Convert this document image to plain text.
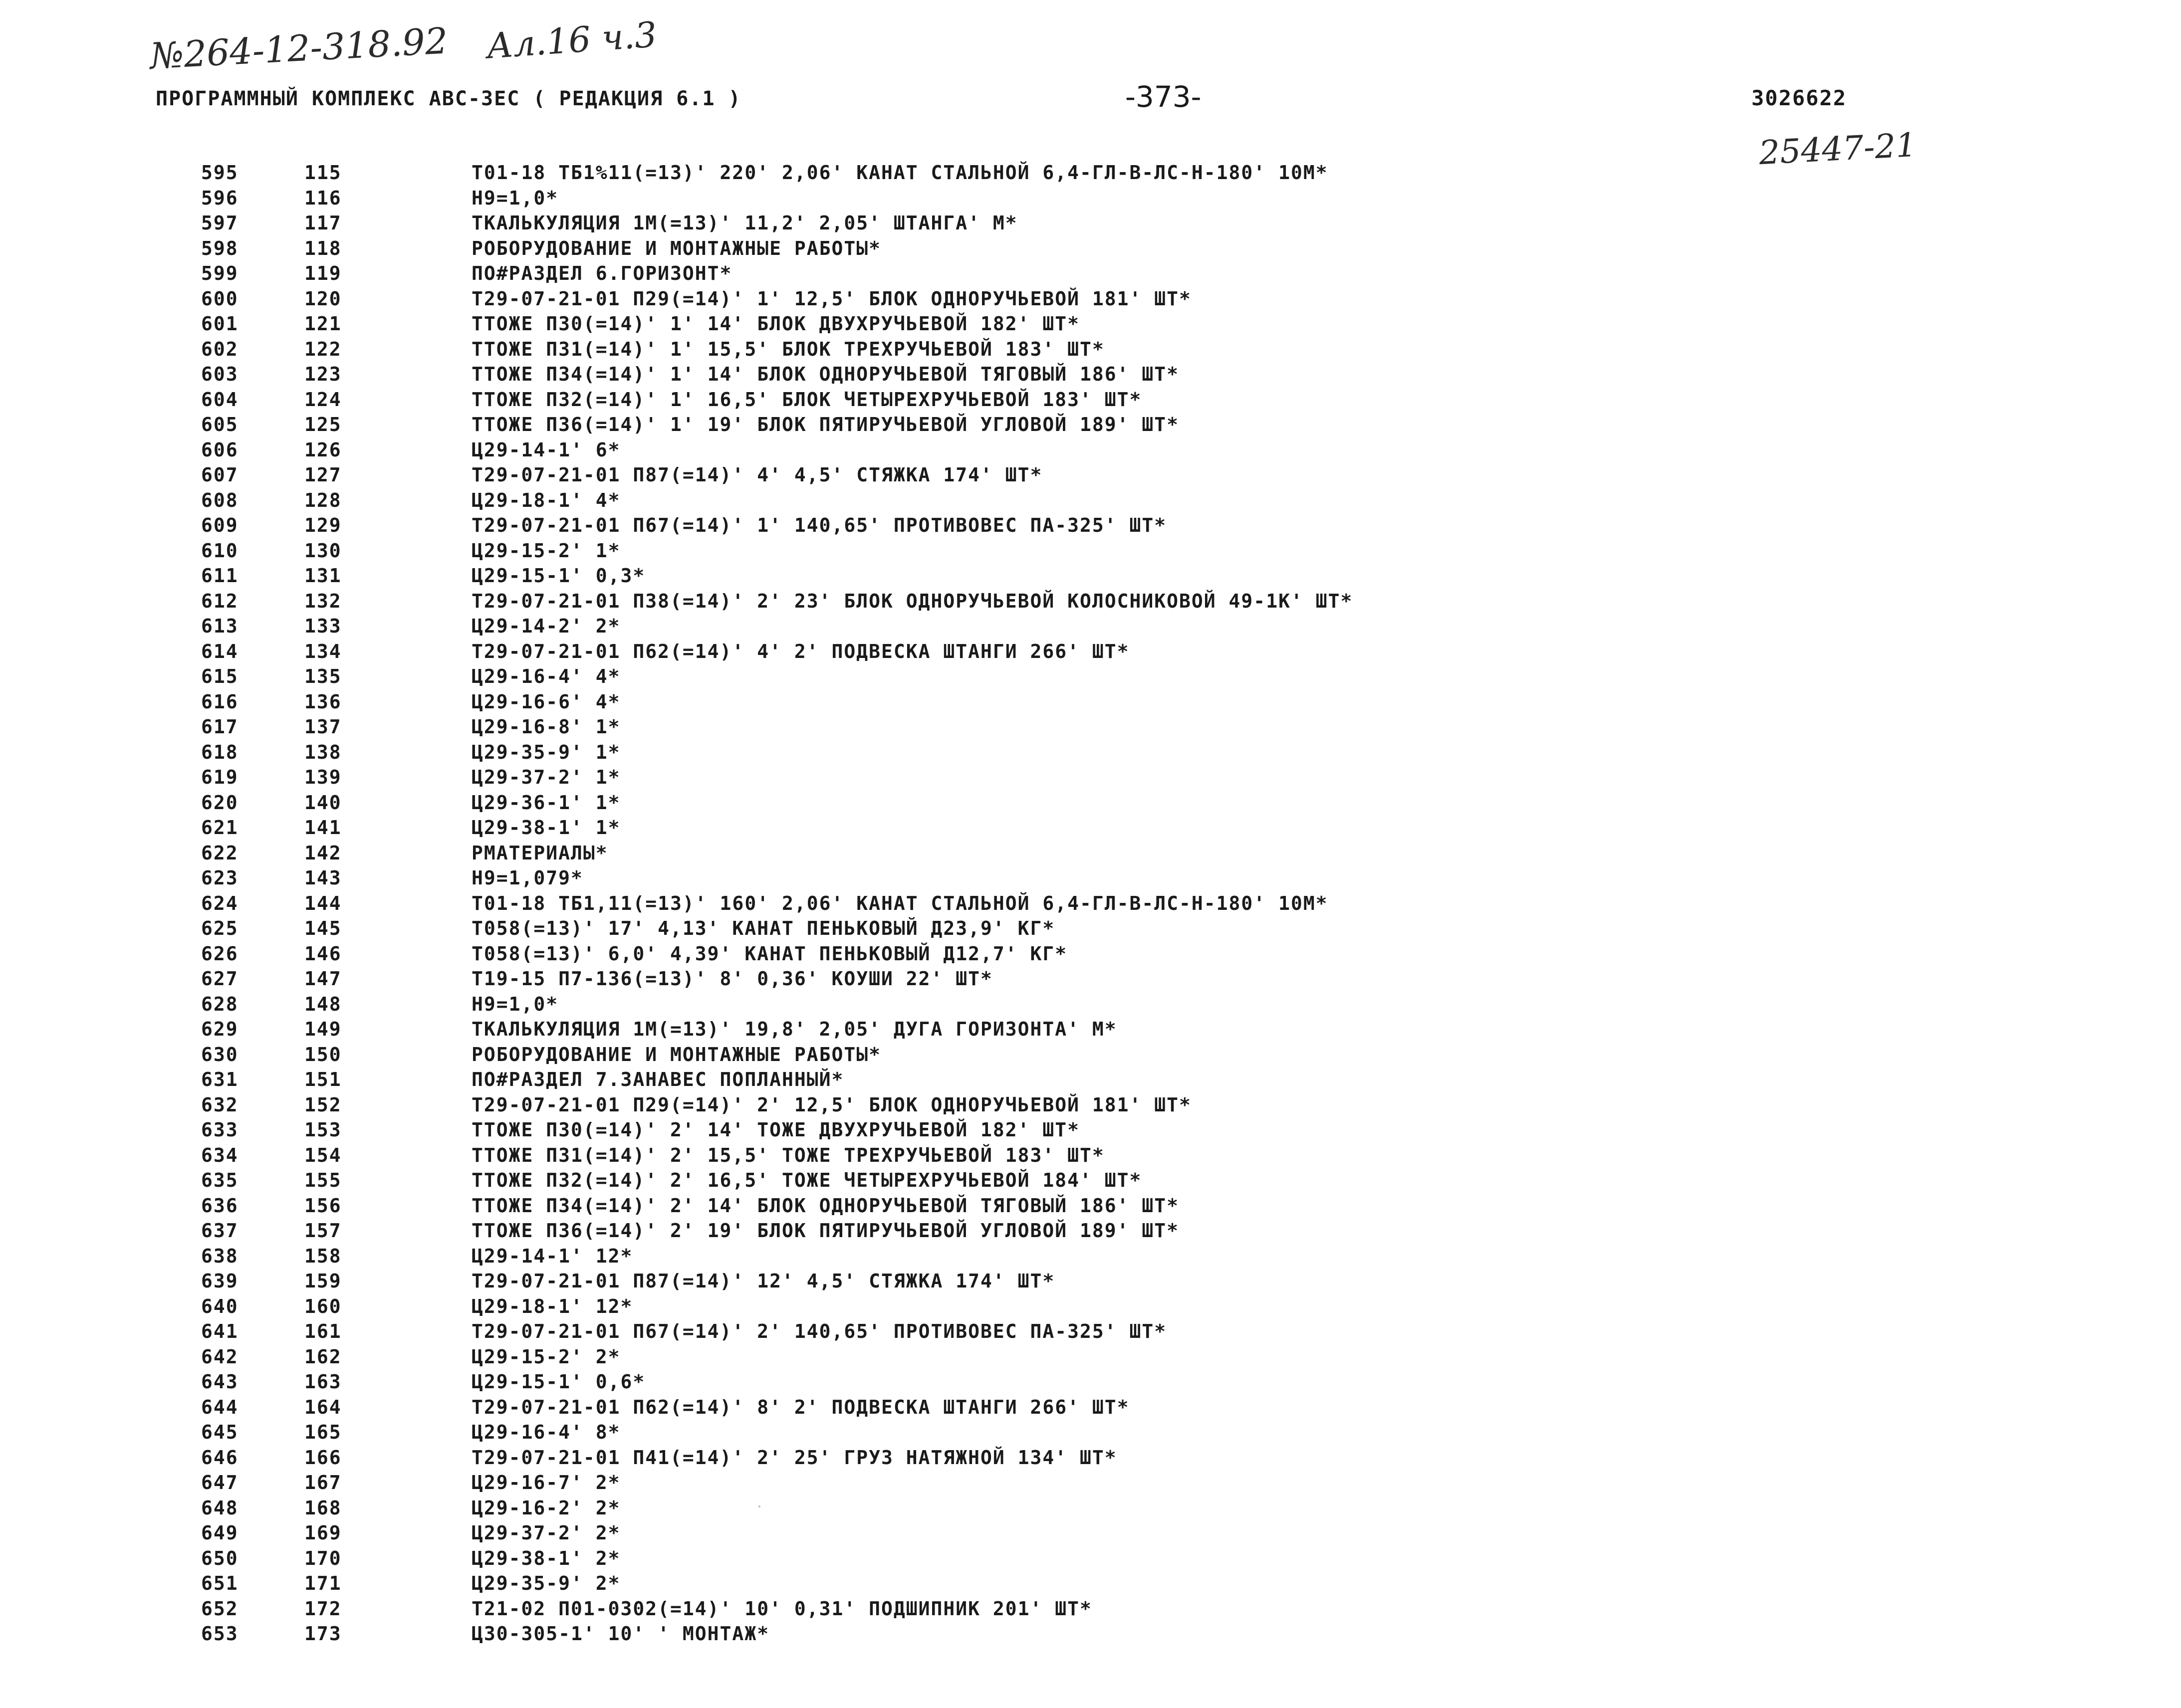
№264-12-318.92 Ал.16 ч.3
25447-21
ПРОГРАММНЫЙ КОМПЛЕКС АВС-3ЕС ( РЕДАКЦИЯ 6.1 )	-373-	3026622
595	115	Т01-18 ТБ1%11(=13)' 220' 2,06' КАНАТ СТАЛЬНОЙ 6,4-ГЛ-В-ЛС-Н-180' 10М*
596	116	Н9=1,0*
597	117	ТКАЛЬКУЛЯЦИЯ 1М(=13)' 11,2' 2,05' ШТАНГА' М*
598	118	РОБОРУДОВАНИЕ И МОНТАЖНЫЕ РАБОТЫ*
599	119	ПО#РАЗДЕЛ 6.ГОРИЗОНТ*
600	120	Т29-07-21-01 П29(=14)' 1' 12,5' БЛОК ОДНОРУЧЬЕВОЙ 181' ШТ*
601	121	ТТОЖЕ П30(=14)' 1' 14' БЛОК ДВУХРУЧЬЕВОЙ 182' ШТ*
602	122	ТТОЖЕ П31(=14)' 1' 15,5' БЛОК ТРЕХРУЧЬЕВОЙ 183' ШТ*
603	123	ТТОЖЕ П34(=14)' 1' 14' БЛОК ОДНОРУЧЬЕВОЙ ТЯГОВЫЙ 186' ШТ*
604	124	ТТОЖЕ П32(=14)' 1' 16,5' БЛОК ЧЕТЫРЕХРУЧЬЕВОЙ 183' ШТ*
605	125	ТТОЖЕ П36(=14)' 1' 19' БЛОК ПЯТИРУЧЬЕВОЙ УГЛОВОЙ 189' ШТ*
606	126	Ц29-14-1' 6*
607	127	Т29-07-21-01 П87(=14)' 4' 4,5' СТЯЖКА 174' ШТ*
608	128	Ц29-18-1' 4*
609	129	Т29-07-21-01 П67(=14)' 1' 140,65' ПРОТИВОВЕС ПА-325' ШТ*
610	130	Ц29-15-2' 1*
611	131	Ц29-15-1' 0,3*
612	132	Т29-07-21-01 П38(=14)' 2' 23' БЛОК ОДНОРУЧЬЕВОЙ КОЛОСНИКОВОЙ 49-1К' ШТ*
613	133	Ц29-14-2' 2*
614	134	Т29-07-21-01 П62(=14)' 4' 2' ПОДВЕСКА ШТАНГИ 266' ШТ*
615	135	Ц29-16-4' 4*
616	136	Ц29-16-6' 4*
617	137	Ц29-16-8' 1*
618	138	Ц29-35-9' 1*
619	139	Ц29-37-2' 1*
620	140	Ц29-36-1' 1*
621	141	Ц29-38-1' 1*
622	142	РМАТЕРИАЛЫ*
623	143	Н9=1,079*
624	144	Т01-18 ТБ1,11(=13)' 160' 2,06' КАНАТ СТАЛЬНОЙ 6,4-ГЛ-В-ЛС-Н-180' 10М*
625	145	Т058(=13)' 17' 4,13' КАНАТ ПЕНЬКОВЫЙ Д23,9' КГ*
626	146	Т058(=13)' 6,0' 4,39' КАНАТ ПЕНЬКОВЫЙ Д12,7' КГ*
627	147	Т19-15 П7-136(=13)' 8' 0,36' КОУШИ 22' ШТ*
628	148	Н9=1,0*
629	149	ТКАЛЬКУЛЯЦИЯ 1М(=13)' 19,8' 2,05' ДУГА ГОРИЗОНТА' М*
630	150	РОБОРУДОВАНИЕ И МОНТАЖНЫЕ РАБОТЫ*
631	151	ПО#РАЗДЕЛ 7.ЗАНАВЕС ПОПЛАННЫЙ*
632	152	Т29-07-21-01 П29(=14)' 2' 12,5' БЛОК ОДНОРУЧЬЕВОЙ 181' ШТ*
633	153	ТТОЖЕ П30(=14)' 2' 14' ТОЖЕ ДВУХРУЧЬЕВОЙ 182' ШТ*
634	154	ТТОЖЕ П31(=14)' 2' 15,5' ТОЖЕ ТРЕХРУЧЬЕВОЙ 183' ШТ*
635	155	ТТОЖЕ П32(=14)' 2' 16,5' ТОЖЕ ЧЕТЫРЕХРУЧЬЕВОЙ 184' ШТ*
636	156	ТТОЖЕ П34(=14)' 2' 14' БЛОК ОДНОРУЧЬЕВОЙ ТЯГОВЫЙ 186' ШТ*
637	157	ТТОЖЕ П36(=14)' 2' 19' БЛОК ПЯТИРУЧЬЕВОЙ УГЛОВОЙ 189' ШТ*
638	158	Ц29-14-1' 12*
639	159	Т29-07-21-01 П87(=14)' 12' 4,5' СТЯЖКА 174' ШТ*
640	160	Ц29-18-1' 12*
641	161	Т29-07-21-01 П67(=14)' 2' 140,65' ПРОТИВОВЕС ПА-325' ШТ*
642	162	Ц29-15-2' 2*
643	163	Ц29-15-1' 0,6*
644	164	Т29-07-21-01 П62(=14)' 8' 2' ПОДВЕСКА ШТАНГИ 266' ШТ*
645	165	Ц29-16-4' 8*
646	166	Т29-07-21-01 П41(=14)' 2' 25' ГРУЗ НАТЯЖНОЙ 134' ШТ*
647	167	Ц29-16-7' 2*
648	168	Ц29-16-2' 2*
649	169	Ц29-37-2' 2*
650	170	Ц29-38-1' 2*
651	171	Ц29-35-9' 2*
652	172	Т21-02 П01-0302(=14)' 10' 0,31' ПОДШИПНИК 201' ШТ*
653	173	Ц30-305-1' 10' ' МОНТАЖ*
